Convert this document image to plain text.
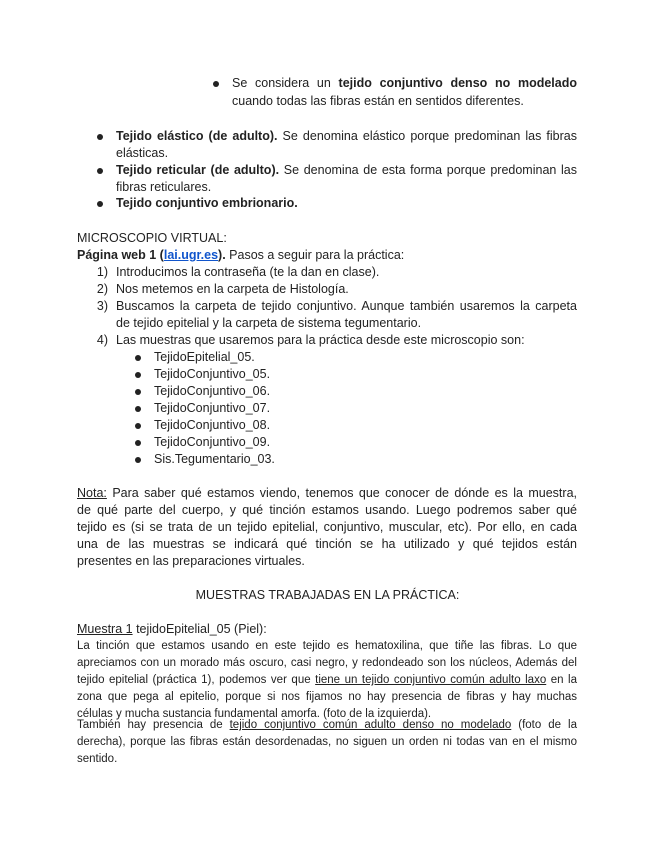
Se considera un tejido conjuntivo denso no modelado
cuando todas las fibras están en sentidos diferentes.
Tejido elástico (de adulto). Se denomina elástico porque predominan las fibras
elásticas.
Tejido reticular (de adulto). Se denomina de esta forma porque predominan las
fibras reticulares.
Tejido conjuntivo embrionario.
MICROSCOPIO VIRTUAL:
Página web 1 (lai.ugr.es). Pasos a seguir para la práctica:
1) Introducimos la contraseña (te la dan en clase).
2) Nos metemos en la carpeta de Histología.
3) Buscamos la carpeta de tejido conjuntivo. Aunque también usaremos la carpeta
de tejido epitelial y la carpeta de sistema tegumentario.
4) Las muestras que usaremos para la práctica desde este microscopio son:
TejidoEpitelial_05.
TejidoConjuntivo_05.
TejidoConjuntivo_06.
TejidoConjuntivo_07.
TejidoConjuntivo_08.
TejidoConjuntivo_09.
Sis.Tegumentario_03.
Nota: Para saber qué estamos viendo, tenemos que conocer de dónde es la muestra,
de qué parte del cuerpo, y qué tinción estamos usando. Luego podremos saber qué
tejido es (si se trata de un tejido epitelial, conjuntivo, muscular, etc). Por ello, en cada
una de las muestras se indicará qué tinción se ha utilizado y qué tejidos están
presentes en las preparaciones virtuales.
MUESTRAS TRABAJADAS EN LA PRÁCTICA:
Muestra 1 tejidoEpitelial_05 (Piel):
La tinción que estamos usando en este tejido es hematoxilina, que tiñe las fibras. Lo que
apreciamos con un morado más oscuro, casi negro, y redondeado son los núcleos, Además del
tejido epitelial (práctica 1), podemos ver que tiene un tejido conjuntivo común adulto laxo en la
zona que pega al epitelio, porque si nos fijamos no hay presencia de fibras y hay muchas
células y mucha sustancia fundamental amorfa. (foto de la izquierda).
También hay presencia de tejido conjuntivo común adulto denso no modelado (foto de la
derecha), porque las fibras están desordenadas, no siguen un orden ni todas van en el mismo
sentido.
